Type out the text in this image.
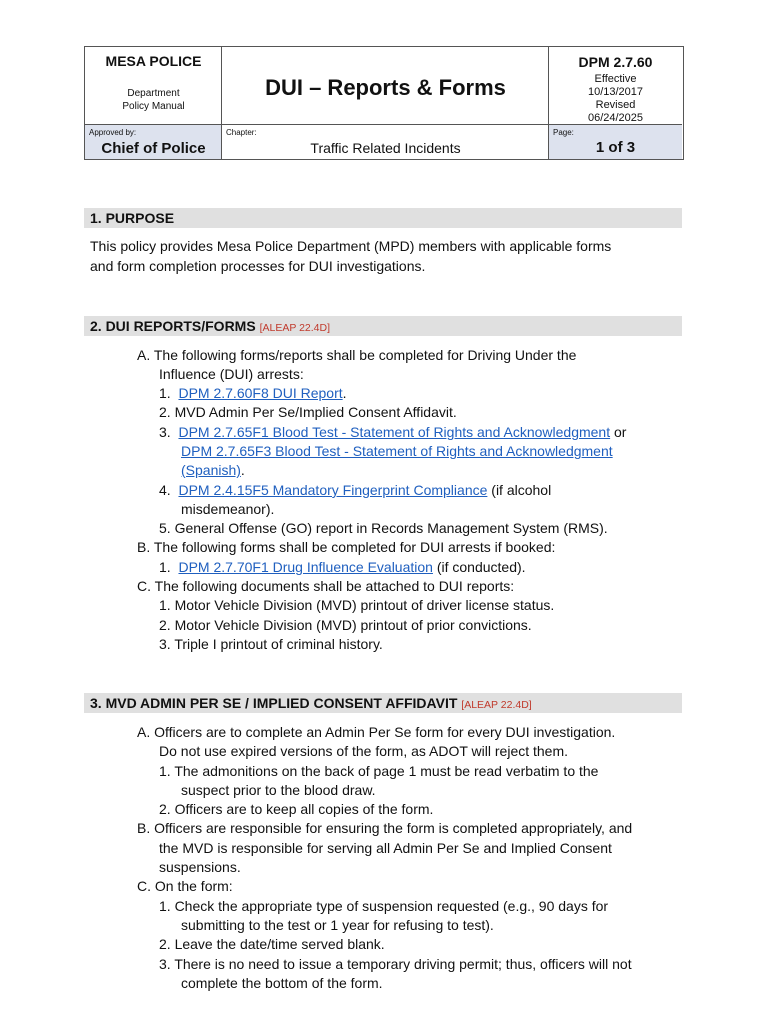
MESA POLICE
Department
Policy Manual
Approved by:
Chief of Police
DUI – Reports & Forms
Chapter:
Traffic Related Incidents
DPM 2.7.60
Effective
10/13/2017
Revised
06/24/2025
Page:
1 of 3
1. PURPOSE
This policy provides Mesa Police Department (MPD) members with applicable forms
and form completion processes for DUI investigations.
2. DUI REPORTS/FORMS [ALEAP 22.4D]
A. The following forms/reports shall be completed for Driving Under the
Influence (DUI) arrests:
1. DPM 2.7.60F8 DUI Report.
2. MVD Admin Per Se/Implied Consent Affidavit.
3. DPM 2.7.65F1 Blood Test - Statement of Rights and Acknowledgment or
DPM 2.7.65F3 Blood Test - Statement of Rights and Acknowledgment
(Spanish).
4. DPM 2.4.15F5 Mandatory Fingerprint Compliance (if alcohol
misdemeanor).
5. General Offense (GO) report in Records Management System (RMS).
B. The following forms shall be completed for DUI arrests if booked:
1. DPM 2.7.70F1 Drug Influence Evaluation (if conducted).
C. The following documents shall be attached to DUI reports:
1. Motor Vehicle Division (MVD) printout of driver license status.
2. Motor Vehicle Division (MVD) printout of prior convictions.
3. Triple I printout of criminal history.
3. MVD ADMIN PER SE / IMPLIED CONSENT AFFIDAVIT [ALEAP 22.4D]
A. Officers are to complete an Admin Per Se form for every DUI investigation.
Do not use expired versions of the form, as ADOT will reject them.
1. The admonitions on the back of page 1 must be read verbatim to the
suspect prior to the blood draw.
2. Officers are to keep all copies of the form.
B. Officers are responsible for ensuring the form is completed appropriately, and
the MVD is responsible for serving all Admin Per Se and Implied Consent
suspensions.
C. On the form:
1. Check the appropriate type of suspension requested (e.g., 90 days for
submitting to the test or 1 year for refusing to test).
2. Leave the date/time served blank.
3. There is no need to issue a temporary driving permit; thus, officers will not
complete the bottom of the form.
